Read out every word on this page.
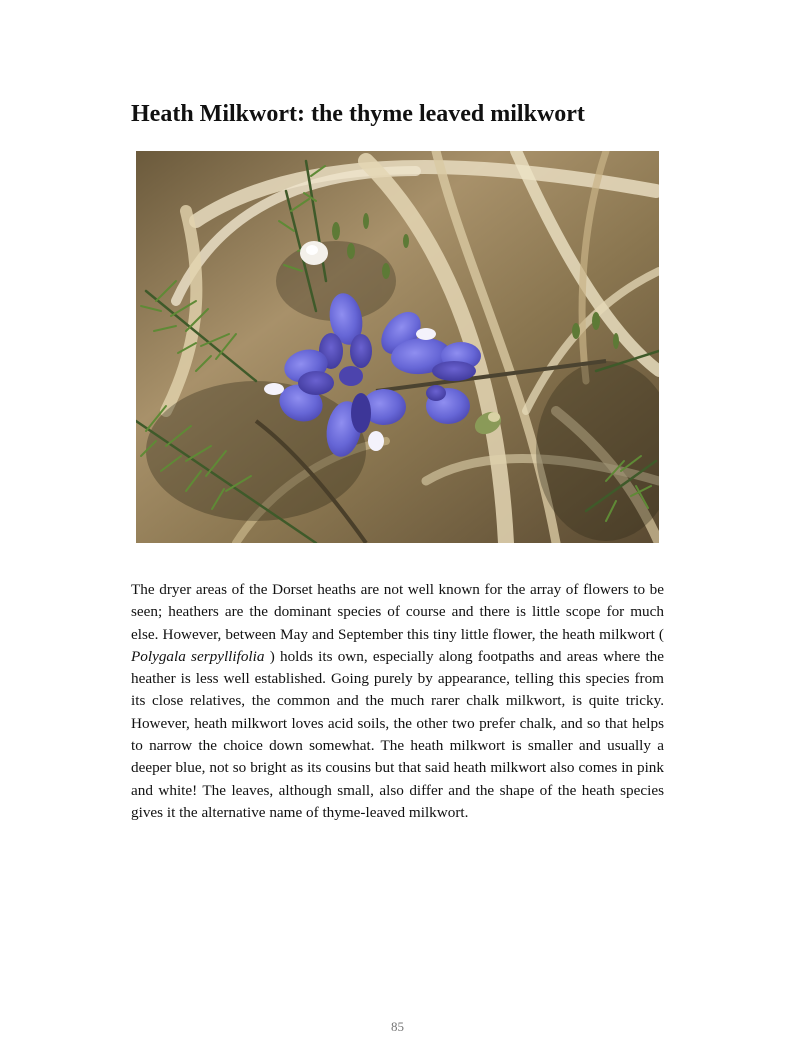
Heath Milkwort: the thyme leaved milkwort

The dryer areas of the Dorset heaths are not well known for the array of flowers to be seen; heathers are the dominant species of course and there is little scope for much else. However, between May and September this tiny little flower, the heath milkwort ( Polygala serpyllifolia ) holds its own, especially along footpaths and areas where the heather is less well established. Going purely by appearance, telling this species from its close relatives, the common and the much rarer chalk milkwort, is quite tricky. However, heath milkwort loves acid soils, the other two prefer chalk, and so that helps to narrow the choice down somewhat. The heath milkwort is smaller and usually a deeper blue, not so bright as its cousins but that said heath milkwort also comes in pink and white! The leaves, although small, also differ and the shape of the heath species gives it the alternative name of thyme-leaved milkwort.

85
